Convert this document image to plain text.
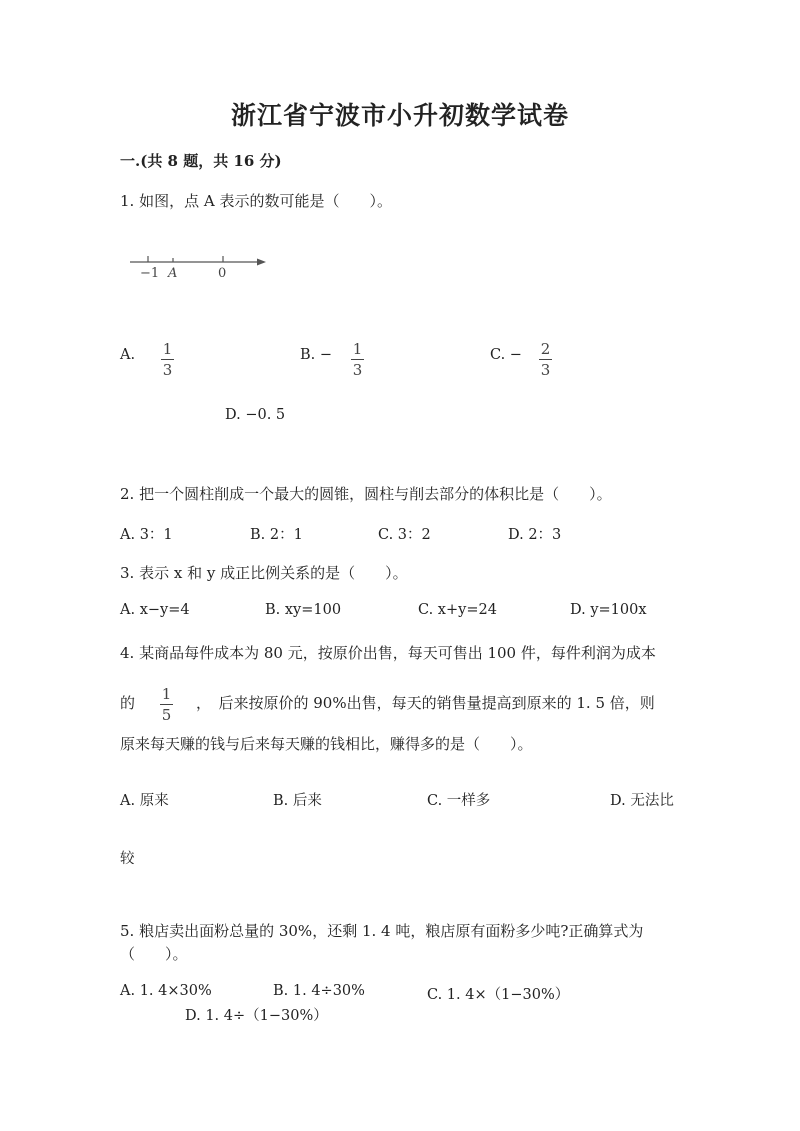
浙江省宁波市小升初数学试卷
一.(共 8 题，共 16 分)
1. 如图，点 A 表示的数可能是（　　）。
−1 A	0
A. 1
3
B. − 1
3
C. − 2
3
D. −0. 5
2. 把一个圆柱削成一个最大的圆锥，圆柱与削去部分的体积比是（　　）。
A. 3：1	B. 2：1	C. 3：2	D. 2：3
3. 表示 x 和 y 成正比例关系的是（　　）。
A. x−y=4	B. xy=100	C. x+y=24	D. y=100x
4. 某商品每件成本为 80 元，按原价出售，每天可售出 100 件，每件利润为成本
的 1
5
，　后来按原价的 90%出售，每天的销售量提高到原来的 1. 5 倍，则
原来每天赚的钱与后来每天赚的钱相比，赚得多的是（　　）。
A. 原来	B. 后来	C. 一样多	D. 无法比
较
5. 粮店卖出面粉总量的 30%，还剩 1. 4 吨，粮店原有面粉多少吨?正确算式为
（　　）。
A. 1. 4×30%	B. 1. 4÷30%	C. 1. 4×（1−30%）
D. 1. 4÷（1−30%）
